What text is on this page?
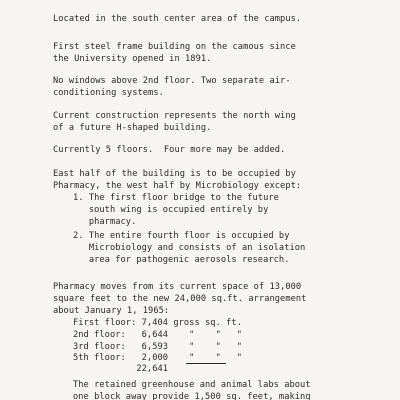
Located in the south center area of the campus.
First steel frame building on the camous since
the University opened in 1891.
No windows above 2nd floor. Two separate air-
conditioning systems.
Current construction represents the north wing
of a future H-shaped building.
Currently 5 floors.  Four more may be added.
East half of the building is to be occupied by
Pharmacy, the west half by Microbiology except:
1. The first floor bridge to the future
south wing is occupied entirely by
pharmacy.
2. The entire fourth floor is occupied by
Microbiology and consists of an isolation
area for pathogenic aerosols research.
Pharmacy moves from its current space of 13,000
square feet to the new 24,000 sq.ft. arrangement
about January 1, 1965:
First floor: 7,404 gross sq. ft.
2nd floor:   6,644    "    "   "
3rd floor:   6,593    "    "   "
5th floor:   2,000    "    "   "
22,641
The retained greenhouse and animal labs about
one block away provide 1,500 sq. feet, making
